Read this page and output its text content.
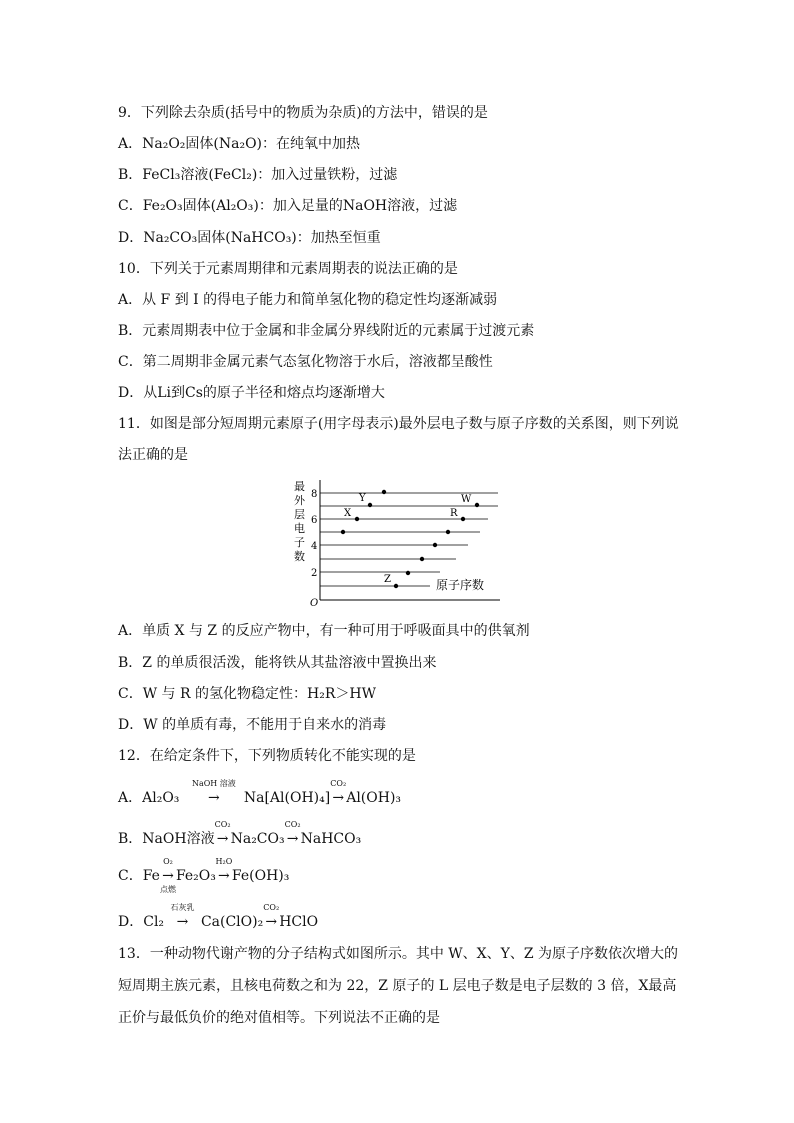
9．下列除去杂质(括号中的物质为杂质)的方法中，错误的是
A．Na₂O₂固体(Na₂O)：在纯氧中加热
B．FeCl₃溶液(FeCl₂)：加入过量铁粉，过滤
C．Fe₂O₃固体(Al₂O₃)：加入足量的NaOH溶液，过滤
D．Na₂CO₃固体(NaHCO₃)：加热至恒重
10．下列关于元素周期律和元素周期表的说法正确的是
A．从 F 到 I 的得电子能力和简单氢化物的稳定性均逐渐减弱
B．元素周期表中位于金属和非金属分界线附近的元素属于过渡元素
C．第二周期非金属元素气态氢化物溶于水后，溶液都呈酸性
D．从Li到Cs的原子半径和熔点均逐渐增大
11．如图是部分短周期元素原子(用字母表示)最外层电子数与原子序数的关系图，则下列说
法正确的是
最
外
层
电
子
数
8
6
4
2
O
Y	W
X	R
Z	原子序数
A．单质 X 与 Z 的反应产物中，有一种可用于呼吸面具中的供氧剂
B．Z 的单质很活泼，能将铁从其盐溶液中置换出来
C．W 与 R 的氢化物稳定性：H₂R＞HW
D．W 的单质有毒，不能用于自来水的消毒
12．在给定条件下，下列物质转化不能实现的是
A．Al₂O₃
NaOH 溶液
→ Na[Al(OH)₄]
CO₂
→ Al(OH)₃
B．NaOH溶液
CO₂
→ Na₂CO₃
CO₂
→ NaHCO₃
C．Fe
O₂
→
点燃
Fe₂O₃
H₂O
→ Fe(OH)₃
D．Cl₂
石灰乳
→ Ca(ClO)₂
CO₂
→ HClO
13．一种动物代谢产物的分子结构式如图所示。其中 W、X、Y、Z 为原子序数依次增大的
短周期主族元素，且核电荷数之和为 22，Z 原子的 L 层电子数是电子层数的 3 倍，X最高
正价与最低负价的绝对值相等。下列说法不正确的是
